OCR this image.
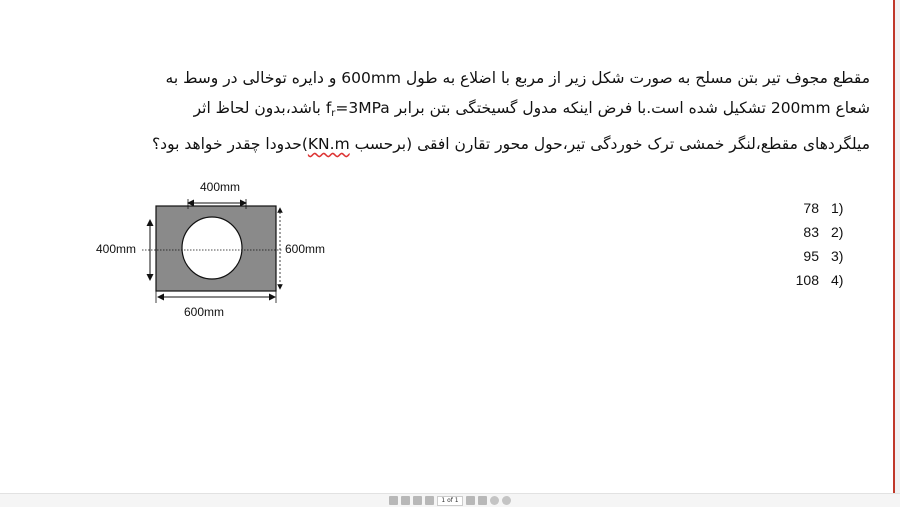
مقطع مجوف تیر بتن مسلح به صورت شکل زیر از مربع با اضلاع به طول 600mm و دایره توخالی در وسط به

شعاع 200mm تشکیل شده است.با فرض اینکه مدول گسیختگی بتن برابر fr=3MPa باشد،بدون لحاظ اثر

میلگردهای مقطع،لنگر خمشی ترک خوردگی تیر،حول محور تقارن افقی (برحسب KN.m)حدودا چقدر خواهد بود؟

400mm
400mm	600mm
600mm
78 1)
83 2)
95 3)
108 4)
1 of 1
